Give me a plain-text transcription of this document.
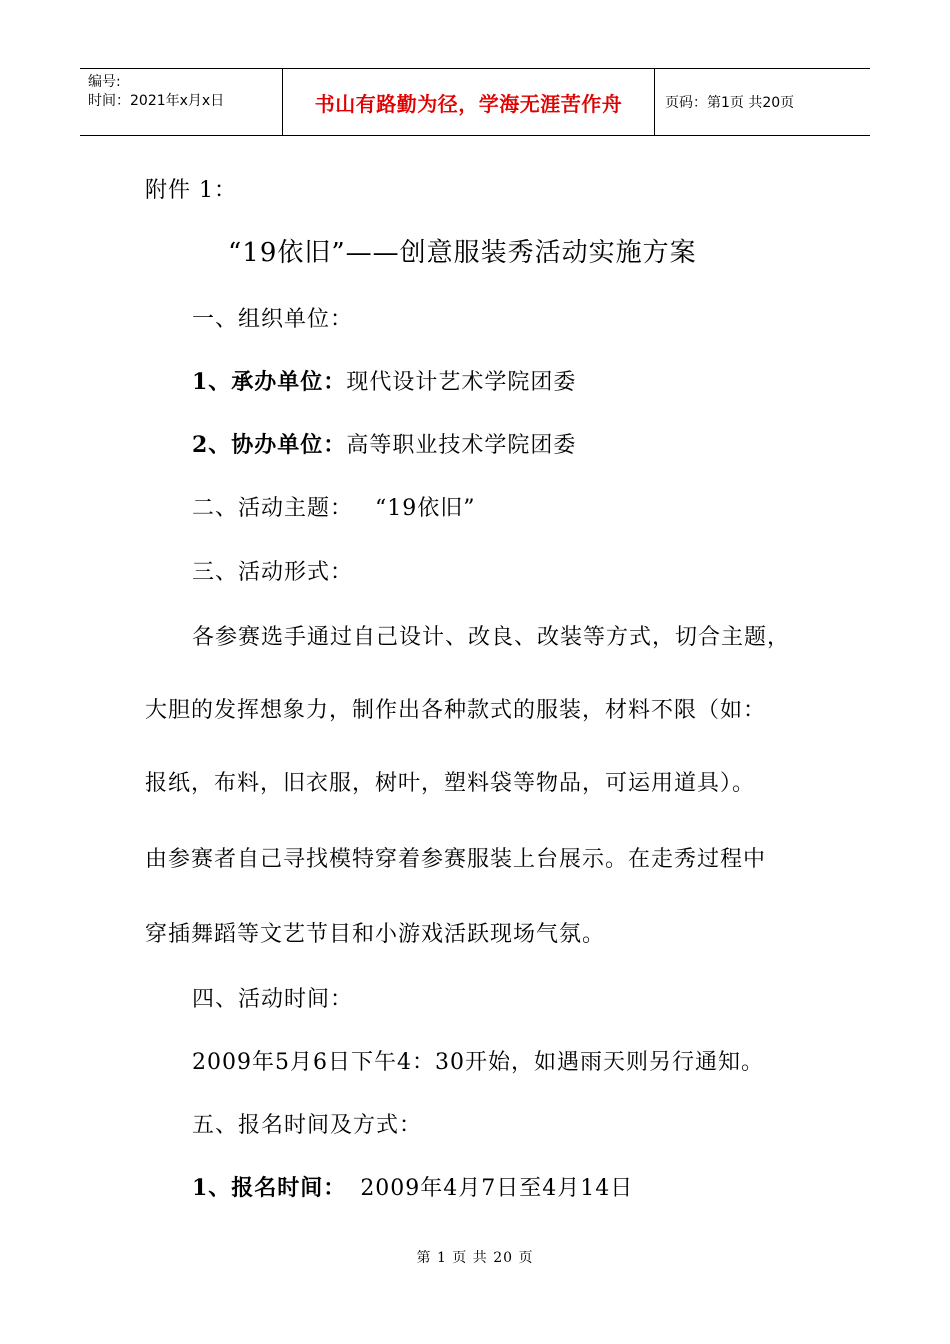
编号:
时间：2021年x月x日	书山有路勤为径，学海无涯苦作舟	页码：第1页 共20页
附件 1：
“19依旧”——创意服装秀活动实施方案
一、组织单位：
1、承办单位：现代设计艺术学院团委
2、协办单位：高等职业技术学院团委
二、活动主题： “19依旧”
三、活动形式：
各参赛选手通过自己设计、改良、改装等方式，切合主题，
大胆的发挥想象力，制作出各种款式的服装，材料不限（如：
报纸，布料，旧衣服，树叶，塑料袋等物品，可运用道具）。
由参赛者自己寻找模特穿着参赛服装上台展示。在走秀过程中
穿插舞蹈等文艺节目和小游戏活跃现场气氛。
四、活动时间：
2009年5月6日下午4：30开始，如遇雨天则另行通知。
五、报名时间及方式：
1、报名时间： 2009年4月7日至4月14日
第 1 页 共 20 页
